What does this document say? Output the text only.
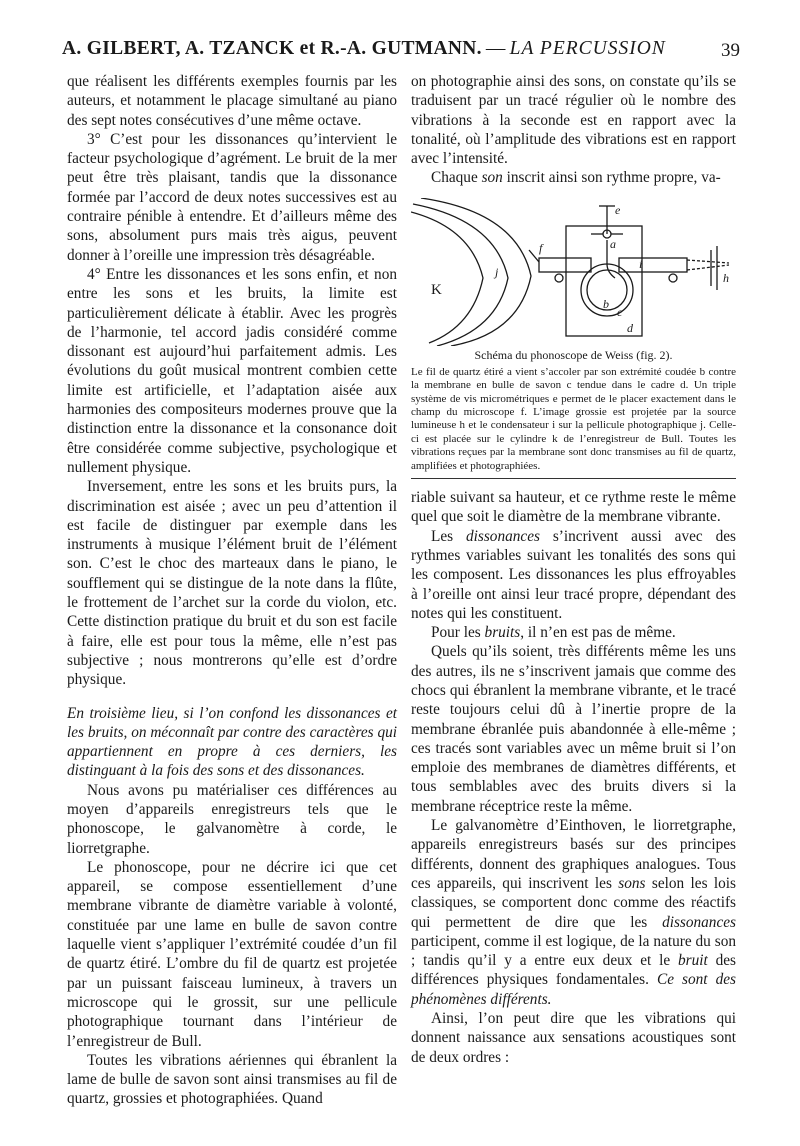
A. GILBERT, A. TZANCK et R.-A. GUTMANN. — LA PERCUSSION	39

que réalisent les différents exemples fournis par les auteurs, et notamment le placage simultané au piano des sept notes consécutives d’une même octave.

3° C’est pour les dissonances qu’intervient le facteur psychologique d’agrément. Le bruit de la mer peut être très plaisant, tandis que la dissonance formée par l’accord de deux notes successives est au contraire pénible à entendre. Et d’ailleurs même des sons, absolument purs mais très aigus, peuvent donner à l’oreille une impression très désagréable.

4° Entre les dissonances et les sons enfin, et non entre les sons et les bruits, la limite est particulièrement délicate à établir. Avec les progrès de l’harmonie, tel accord jadis considéré comme dissonant est aujourd’hui parfaitement admis. Les évolutions du goût musical montrent combien cette limite est artificielle, et l’adaptation aisée aux harmonies des compositeurs modernes prouve que la distinction entre la dissonance et la consonance doit être considérée comme subjective, psychologique et nullement physique.

Inversement, entre les sons et les bruits purs, la discrimination est aisée ; avec un peu d’attention il est facile de distinguer par exemple dans les instruments à musique l’élément bruit de l’élément son. C’est le choc des marteaux dans le piano, le soufflement qui se distingue de la note dans la flûte, le frottement de l’archet sur la corde du violon, etc. Cette distinction pratique du bruit et du son est facile à faire, elle est pour tous la même, elle n’est pas subjective ; nous montrerons qu’elle est d’ordre physique.

En troisième lieu, si l’on confond les dissonances et les bruits, on méconnaît par contre des caractères qui appartiennent en propre à ces derniers, les distinguant à la fois des sons et des dissonances.

Nous avons pu matérialiser ces différences au moyen d’appareils enregistreurs tels que le phonoscope, le galvanomètre à corde, le liorretgraphe.

Le phonoscope, pour ne décrire ici que cet appareil, se compose essentiellement d’une membrane vibrante de diamètre variable à volonté, constituée par une lame en bulle de savon contre laquelle vient s’appliquer l’extrémité coudée d’un fil de quartz étiré. L’ombre du fil de quartz est projetée par un puissant faisceau lumineux, à travers un microscope qui le grossit, sur une pellicule photographique tournant dans l’intérieur de l’enregistreur de Bull.

Toutes les vibrations aériennes qui ébranlent la lame de bulle de savon sont ainsi transmises au fil de quartz, grossies et photographiées. Quand

on photographie ainsi des sons, on constate qu’ils se traduisent par un tracé régulier où le nombre des vibrations à la seconde est en rapport avec la tonalité, où l’amplitude des vibrations est en rapport avec l’intensité.

Chaque son inscrit ainsi son rythme propre, va-

K
j
e
a
f
i
h
b
c
d
Schéma du phonoscope de Weiss (fig. 2).
Le fil de quartz étiré a vient s’accoler par son extrémité coudée b contre la membrane en bulle de savon c tendue dans le cadre d. Un triple système de vis micrométriques e permet de le placer exactement dans le champ du microscope f. L’image grossie est projetée par la source lumineuse h et le condensateur i sur la pellicule photographique j. Celle-ci est placée sur le cylindre k de l’enregistreur de Bull. Toutes les vibrations reçues par la membrane sont donc transmises au fil de quartz, amplifiées et photographiées.

riable suivant sa hauteur, et ce rythme reste le même quel que soit le diamètre de la membrane vibrante.

Les dissonances s’incrivent aussi avec des rythmes variables suivant les tonalités des sons qui les composent. Les dissonances les plus effroyables à l’oreille ont ainsi leur tracé propre, dépendant des notes qui les constituent.

Pour les bruits, il n’en est pas de même.

Quels qu’ils soient, très différents même les uns des autres, ils ne s’inscrivent jamais que comme des chocs qui ébranlent la membrane vibrante, et le tracé reste toujours celui dû à l’inertie propre de la membrane ébranlée puis abandonnée à elle-même ; ces tracés sont variables avec un même bruit si l’on emploie des membranes de diamètres différents, et tous semblables avec des bruits divers si la membrane réceptrice reste la même.

Le galvanomètre d’Einthoven, le liorretgraphe, appareils enregistreurs basés sur des principes différents, donnent des graphiques analogues. Tous ces appareils, qui inscrivent les sons selon les lois classiques, se comportent donc comme des réactifs qui permettent de dire que les dissonances participent, comme il est logique, de la nature du son ; tandis qu’il y a entre eux deux et le bruit des différences physiques fondamentales. Ce sont des phénomènes différents.

Ainsi, l’on peut dire que les vibrations qui donnent naissance aux sensations acoustiques sont de deux ordres :
